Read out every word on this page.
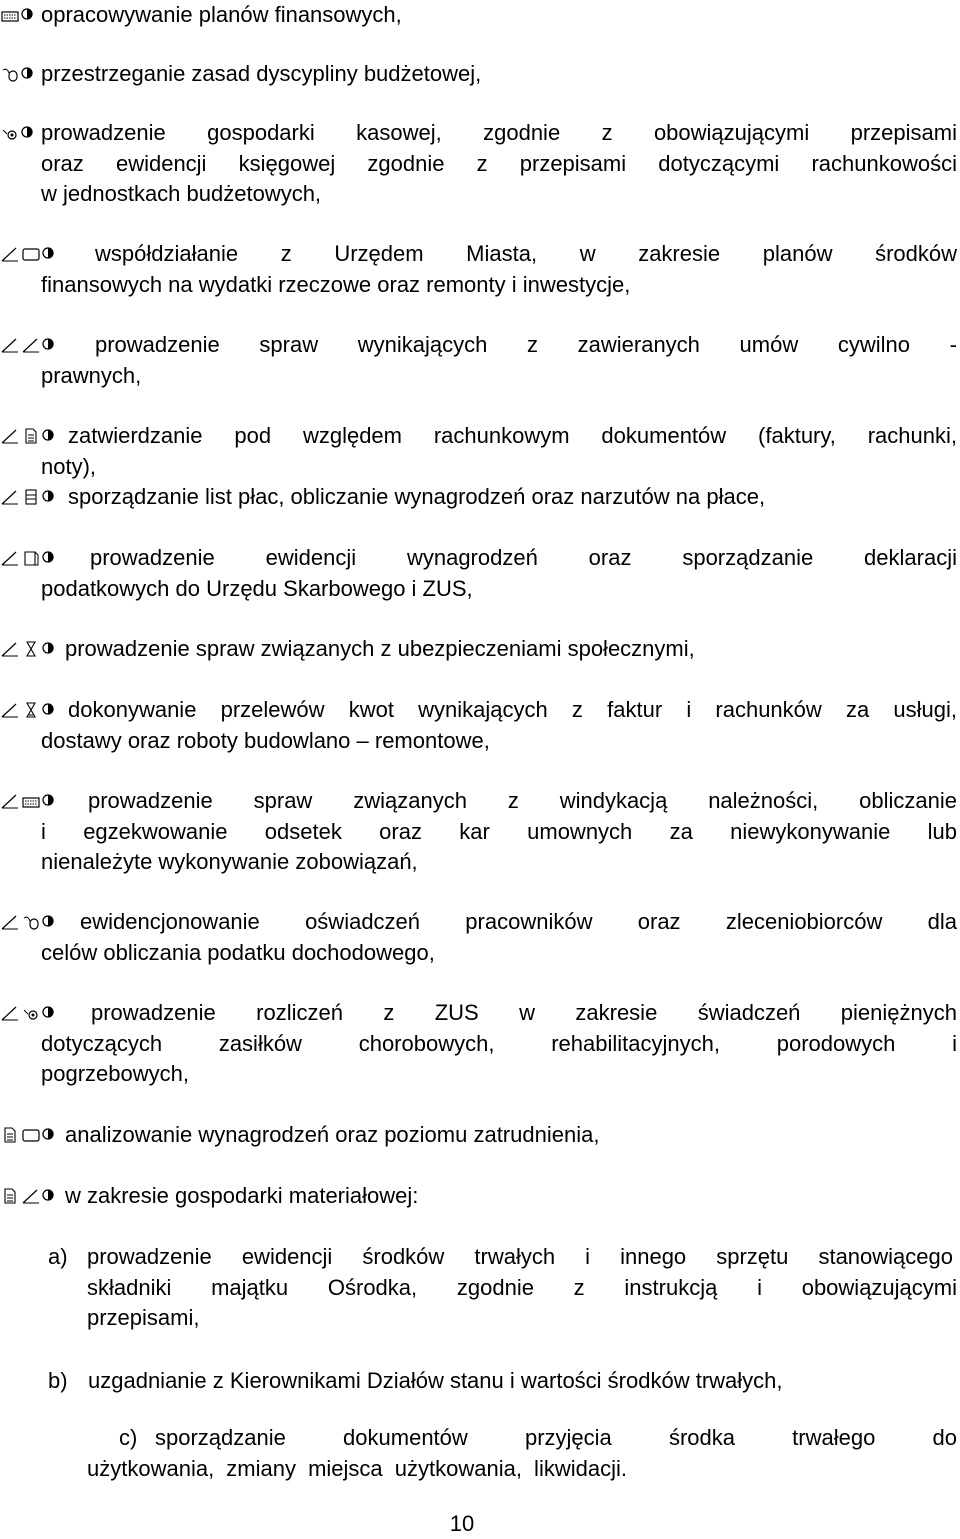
opracowywanie planów finansowych,
przestrzeganie zasad dyscypliny budżetowej,
prowadzenie gospodarki kasowej, zgodnie z obowiązującymi przepisami
oraz ewidencji księgowej zgodnie z przepisami dotyczącymi rachunkowości
w jednostkach budżetowych,
współdziałanie z Urzędem Miasta, w zakresie planów środków
finansowych na wydatki rzeczowe oraz remonty i inwestycje,
prowadzenie spraw wynikających z zawieranych umów cywilno -
prawnych,
zatwierdzanie pod względem rachunkowym dokumentów (faktury, rachunki,
noty),
sporządzanie list płac, obliczanie wynagrodzeń oraz narzutów na płace,
prowadzenie ewidencji wynagrodzeń oraz sporządzanie deklaracji
podatkowych do Urzędu Skarbowego i ZUS,
prowadzenie spraw związanych z ubezpieczeniami społecznymi,
dokonywanie przelewów kwot wynikających z faktur i rachunków za usługi,
dostawy oraz roboty budowlano – remontowe,
prowadzenie spraw związanych z windykacją należności, obliczanie
i egzekwowanie odsetek oraz kar umownych za niewykonywanie lub
nienależyte wykonywanie zobowiązań,
ewidencjonowanie oświadczeń pracowników oraz zleceniobiorców dla
celów obliczania podatku dochodowego,
prowadzenie rozliczeń z ZUS w zakresie świadczeń pieniężnych
dotyczących zasiłków chorobowych, rehabilitacyjnych, porodowych i
pogrzebowych,
analizowanie wynagrodzeń oraz poziomu zatrudnienia,
w zakresie gospodarki materiałowej:
a) prowadzenie ewidencji środków trwałych i innego sprzętu stanowiącego
składniki majątku Ośrodka, zgodnie z instrukcją i obowiązującymi
przepisami,
b) uzgadnianie z Kierownikami Działów stanu i wartości środków trwałych,
c) sporządzanie dokumentów przyjęcia środka trwałego do
użytkowania, zmiany miejsca użytkowania, likwidacji.
10
